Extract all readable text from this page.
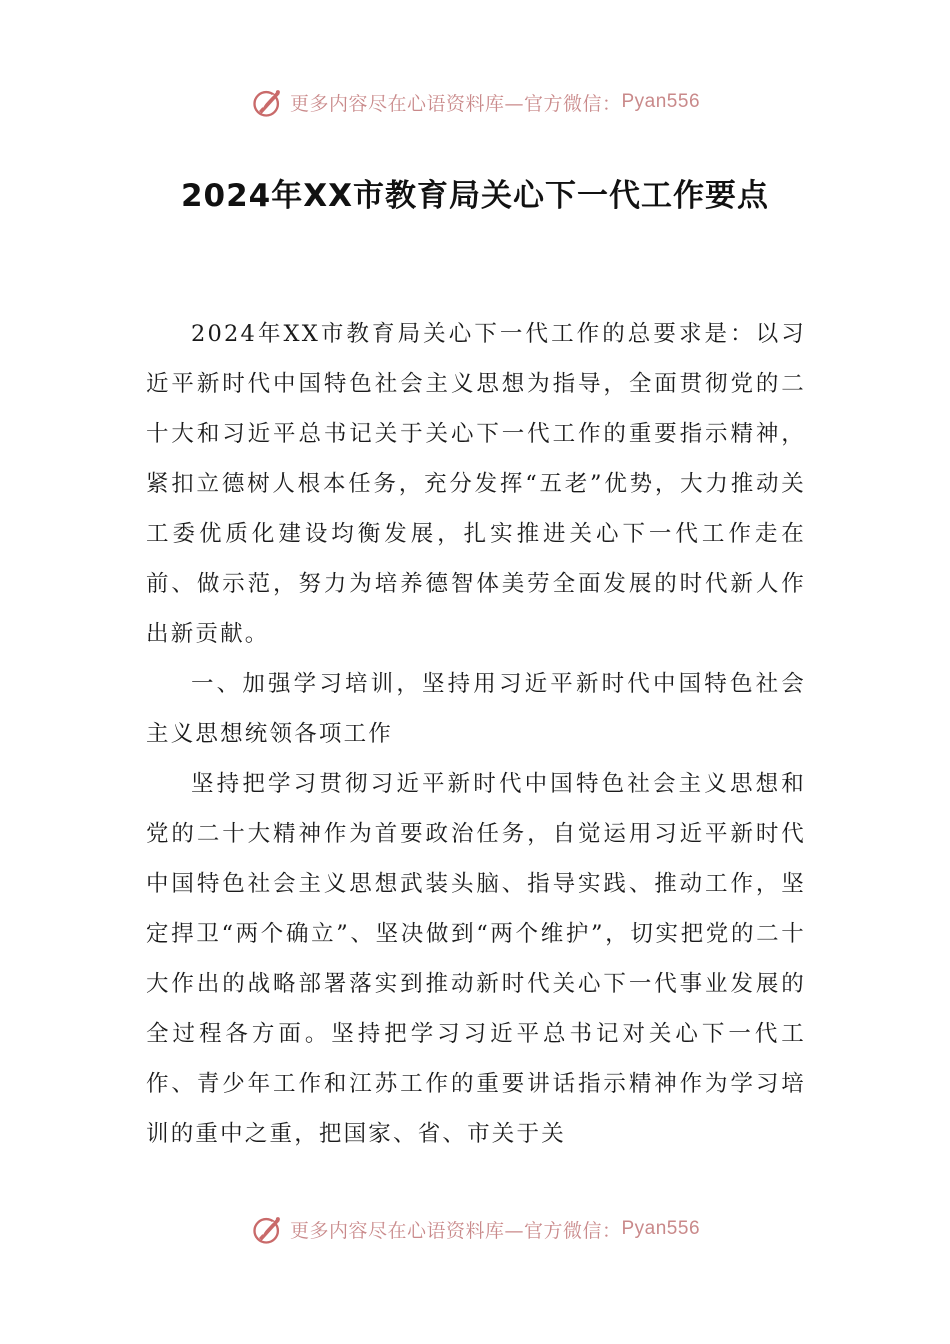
更多内容尽在心语资料库—官方微信： Pyan556
2024年XX市教育局关心下一代工作要点

2024年XX市教育局关心下一代工作的总要求是：以习近平新时代中国特色社会主义思想为指导，全面贯彻党的二十大和习近平总书记关于关心下一代工作的重要指示精神，紧扣立德树人根本任务，充分发挥“五老”优势，大力推动关工委优质化建设均衡发展，扎实推进关心下一代工作走在前、做示范，努力为培养德智体美劳全面发展的时代新人作出新贡献。

一、加强学习培训，坚持用习近平新时代中国特色社会主义思想统领各项工作

坚持把学习贯彻习近平新时代中国特色社会主义思想和党的二十大精神作为首要政治任务，自觉运用习近平新时代中国特色社会主义思想武装头脑、指导实践、推动工作，坚定捍卫“两个确立”、坚决做到“两个维护”，切实把党的二十大作出的战略部署落实到推动新时代关心下一代事业发展的全过程各方面。坚持把学习习近平总书记对关心下一代工作、青少年工作和江苏工作的重要讲话指示精神作为学习培训的重中之重，把国家、省、市关于关

更多内容尽在心语资料库—官方微信： Pyan556
